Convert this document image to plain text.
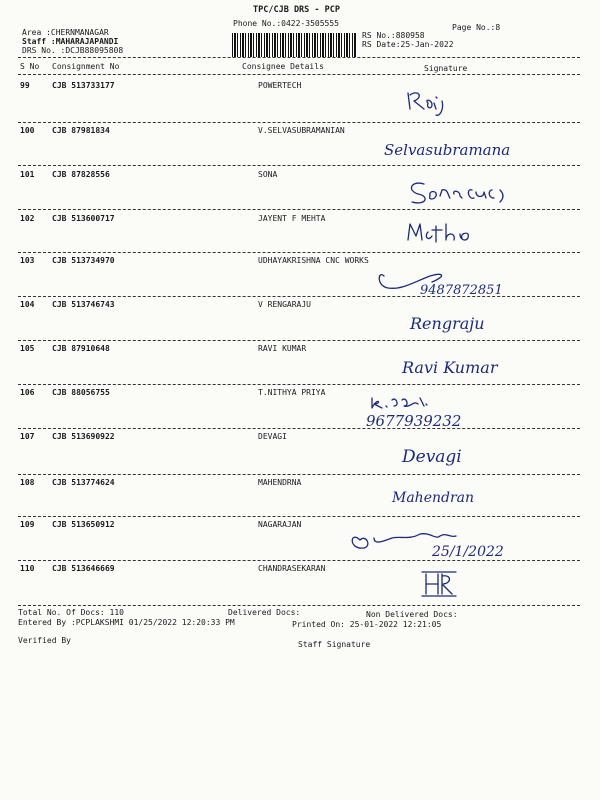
TPC/CJB DRS - PCP
Phone No.:0422-3505555	Page No.:8
Area :CHERNMANAGAR
Staff :MAHARAJAPANDI
DRS No. :DCJB88095808
RS No.:880958
RS Date:25-Jan-2022
S No Consignment No	Consignee Details	Signature
99	CJB 513733177	POWERTECH
100 CJB 87981834	V.SELVASUBRAMANIAN
Selvasubramana
101 CJB 87828556	SONA
102 CJB 513600717	JAYENT F MEHTA
103 CJB 513734970	UDHAYAKRISHNA CNC WORKS
9487872851
104 CJB 513746743	V RENGARAJU
Rengraju
105 CJB 87910648	RAVI KUMAR
Ravi Kumar
106 CJB 88056755	T.NITHYA PRIYA
9677939232
107 CJB 513690922	DEVAGI
Devagi
108 CJB 513774624	MAHENDRNA
Mahendran
109 CJB 513650912	NAGARAJAN
25/1/2022
110 CJB 513646669	CHANDRASEKARAN
Total No. Of Docs: 110	Delivered Docs:	Non Delivered Docs:
Entered By :PCPLAKSHMI 01/25/2022 12:20:33 PM	Printed On: 25-01-2022 12:21:05
Verified By	Staff Signature
